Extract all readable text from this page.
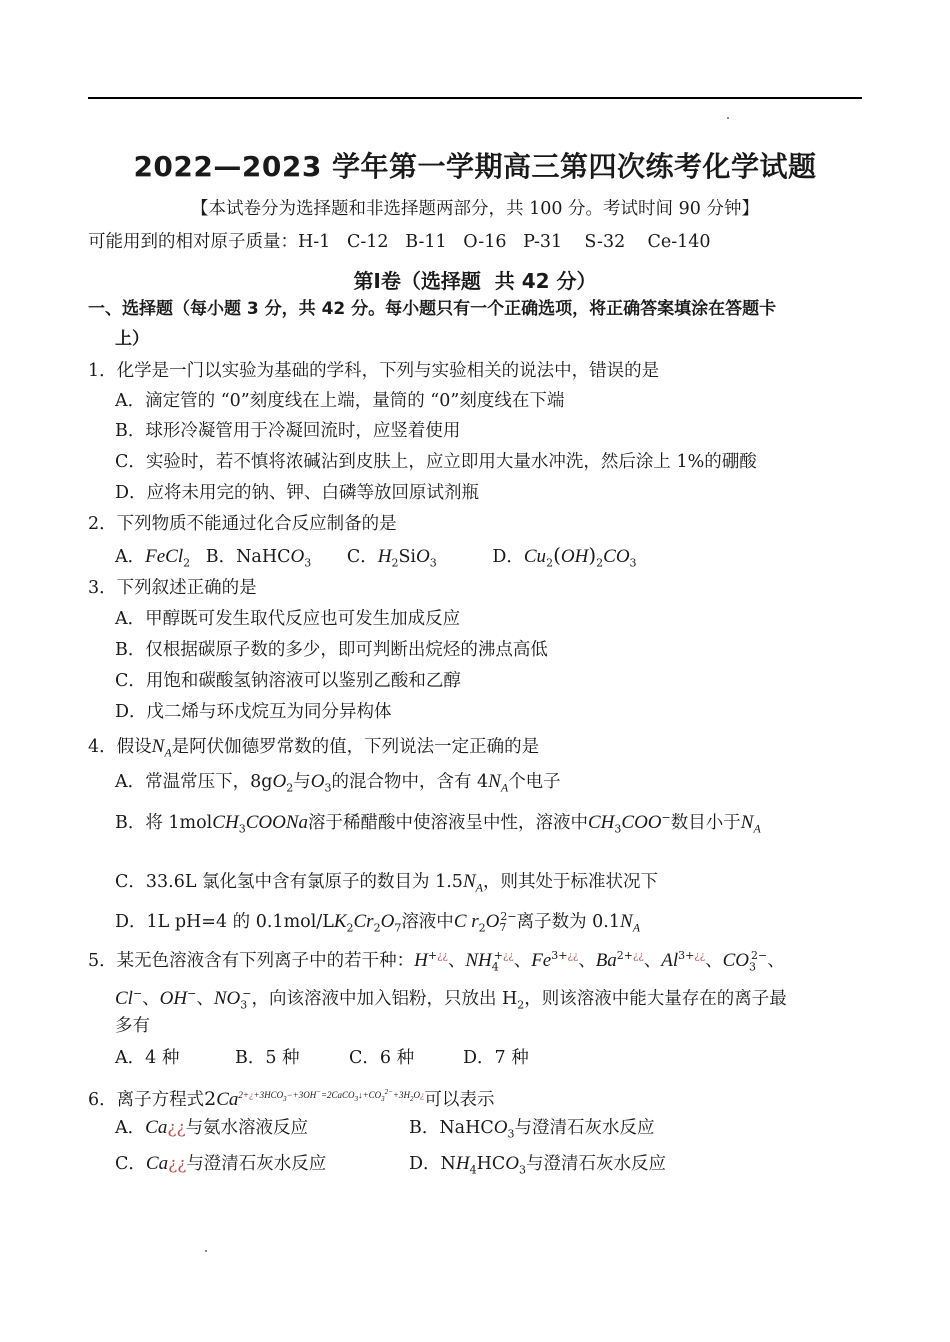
2022—2023 学年第一学期高三第四次练考化学试题
【本试卷分为选择题和非选择题两部分，共 100 分。考试时间 90 分钟】
可能用到的相对原子质量：H-1   C-12   B-11   O-16   P-31    S-32    Ce-140
第Ⅰ卷（选择题  共 42 分）
一、选择题（每小题 3 分，共 42 分。每小题只有一个正确选项，将正确答案填涂在答题卡
上）
1．化学是一门以实验为基础的学科，下列与实验相关的说法中，错误的是
A．滴定管的 “0”刻度线在上端，量筒的 “0”刻度线在下端
B．球形冷凝管用于冷凝回流时，应竖着使用
C．实验时，若不慎将浓碱沾到皮肤上，应立即用大量水冲洗，然后涂上 1%的硼酸
D．应将未用完的钠、钾、白磷等放回原试剂瓶
2．下列物质不能通过化合反应制备的是
A．FeCl$_2$ B．NaHCO$_3$ C．$H_2SiO_3$	D．$Cu_2(OH)_2CO_3$
3．下列叙述正确的是
A．甲醇既可发生取代反应也可发生加成反应
B．仅根据碳原子数的多少，即可判断出烷烃的沸点高低
C．用饱和碳酸氢钠溶液可以鉴别乙酸和乙醇
D．戊二烯与环戊烷互为同分异构体
4．假设$N_A$是阿伏伽德罗常数的值，下列说法一定正确的是
A．常温常压下，$8gO_2$与$O_3$的混合物中，含有 $4N_A$个电子
B．将 1molCH$_3$COONa溶于稀醋酸中使溶液呈中性，溶液中$CH_3COO^-$数目小于$N_A$
C．33.6L 氯化氢中含有氯原子的数目为 $1.5N_A$，则其处于标准状况下
D．1L pH=4 的 $0.1mol/LK_2Cr_2O_7$溶液中C $r_2O_7^{2-}$离子数为 $0.1N_A$
5．某无色溶液含有下列离子中的若干种：H+¿¿、$NH_4^{+¿¿}$、$Fe^{3+¿¿}$、$Ba^{2+¿¿}$、$Al^{3+¿¿}$、$CO_3^{2-}$、
Cl−、OH−、$NO_3^-$，向该溶液中加入铝粉，只放出 $H_2$，则该溶液中能大量存在的离子最
多有
A．4 种	B．5 种	C．6 种	D．7 种
6．离子方程式$2Ca^{2+¿+3HCO_3-+3OH^-=2CaCO_3↓+CO_3^{2-}+3H_2O¿}$可以表示
A．Ca¿¿与氨水溶液反应	B．NaHCO$_3$与澄清石灰水反应
C．Ca¿¿与澄清石灰水反应	D．$NH_4HCO_3$与澄清石灰水反应
